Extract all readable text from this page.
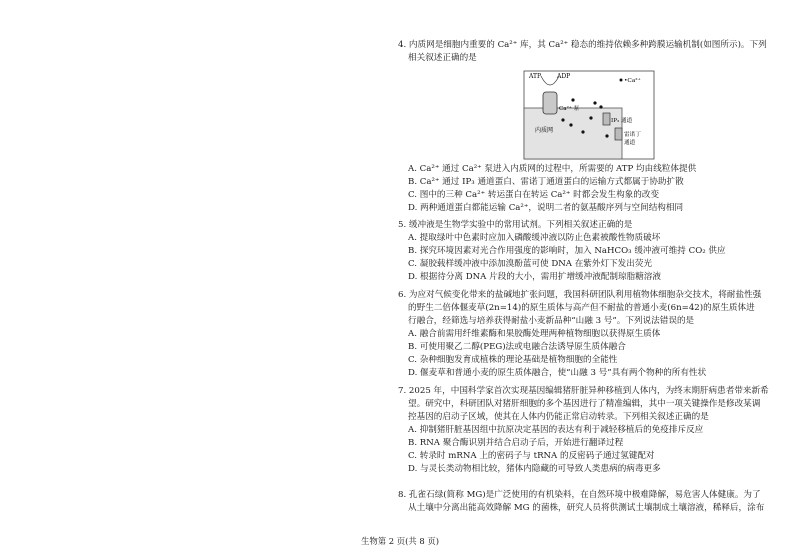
4. 内质网是细胞内重要的 Ca²⁺ 库，其 Ca²⁺ 稳态的维持依赖多种跨膜运输机制(如图所示)。下列
相关叙述正确的是
ATP	ADP
•Ca²⁺
Ca²⁺ 泵
内质网
IP₃ 通道
雷诺丁
通道
A. Ca²⁺ 通过 Ca²⁺ 泵进入内质网的过程中，所需要的 ATP 均由线粒体提供
B. Ca²⁺ 通过 IP₃ 通道蛋白、雷诺丁通道蛋白的运输方式都属于协助扩散
C. 图中的三种 Ca²⁺ 转运蛋白在转运 Ca²⁺ 时都会发生构象的改变
D. 两种通道蛋白都能运输 Ca²⁺，说明二者的氨基酸序列与空间结构相同
5. 缓冲液是生物学实验中的常用试剂。下列相关叙述正确的是
A. 提取绿叶中色素时应加入磷酸缓冲液以防止色素被酸性物质破坏
B. 探究环境因素对光合作用强度的影响时，加入 NaHCO₃ 缓冲液可维持 CO₂ 供应
C. 凝胶载样缓冲液中添加溴酚蓝可使 DNA 在紫外灯下发出荧光
D. 根据待分离 DNA 片段的大小，需用扩增缓冲液配制琼脂糖溶液
6. 为应对气候变化带来的盐碱地扩张问题，我国科研团队利用植物体细胞杂交技术，将耐盐性强
的野生二倍体偃麦草(2n=14)的原生质体与高产但不耐盐的普通小麦(6n=42)的原生质体进
行融合，经筛选与培养获得耐盐小麦新品种“山融 3 号”。下列说法错误的是
A. 融合前需用纤维素酶和果胶酶处理两种植物细胞以获得原生质体
B. 可使用聚乙二醇(PEG)法或电融合法诱导原生质体融合
C. 杂种细胞发育成植株的理论基础是植物细胞的全能性
D. 偃麦草和普通小麦的原生质体融合，使“山融 3 号”具有两个物种的所有性状
7. 2025 年，中国科学家首次实现基因编辑猪肝脏异种移植到人体内，为终末期肝病患者带来新希
望。研究中，科研团队对猪肝细胞的多个基因进行了精准编辑，其中一项关键操作是修改某调
控基因的启动子区域，使其在人体内仍能正常启动转录。下列相关叙述正确的是
A. 抑制猪肝脏基因组中抗原决定基因的表达有利于减轻移植后的免疫排斥反应
B. RNA 聚合酶识别并结合启动子后，开始进行翻译过程
C. 转录时 mRNA 上的密码子与 tRNA 的反密码子通过氢键配对
D. 与灵长类动物相比较，猪体内隐藏的可导致人类患病的病毒更多
8. 孔雀石绿(简称 MG)是广泛使用的有机染料，在自然环境中极难降解，易危害人体健康。为了
从土壤中分离出能高效降解 MG 的菌株，研究人员将供测试土壤制成土壤溶液，稀释后，涂布
生物第 2 页(共 8 页)
